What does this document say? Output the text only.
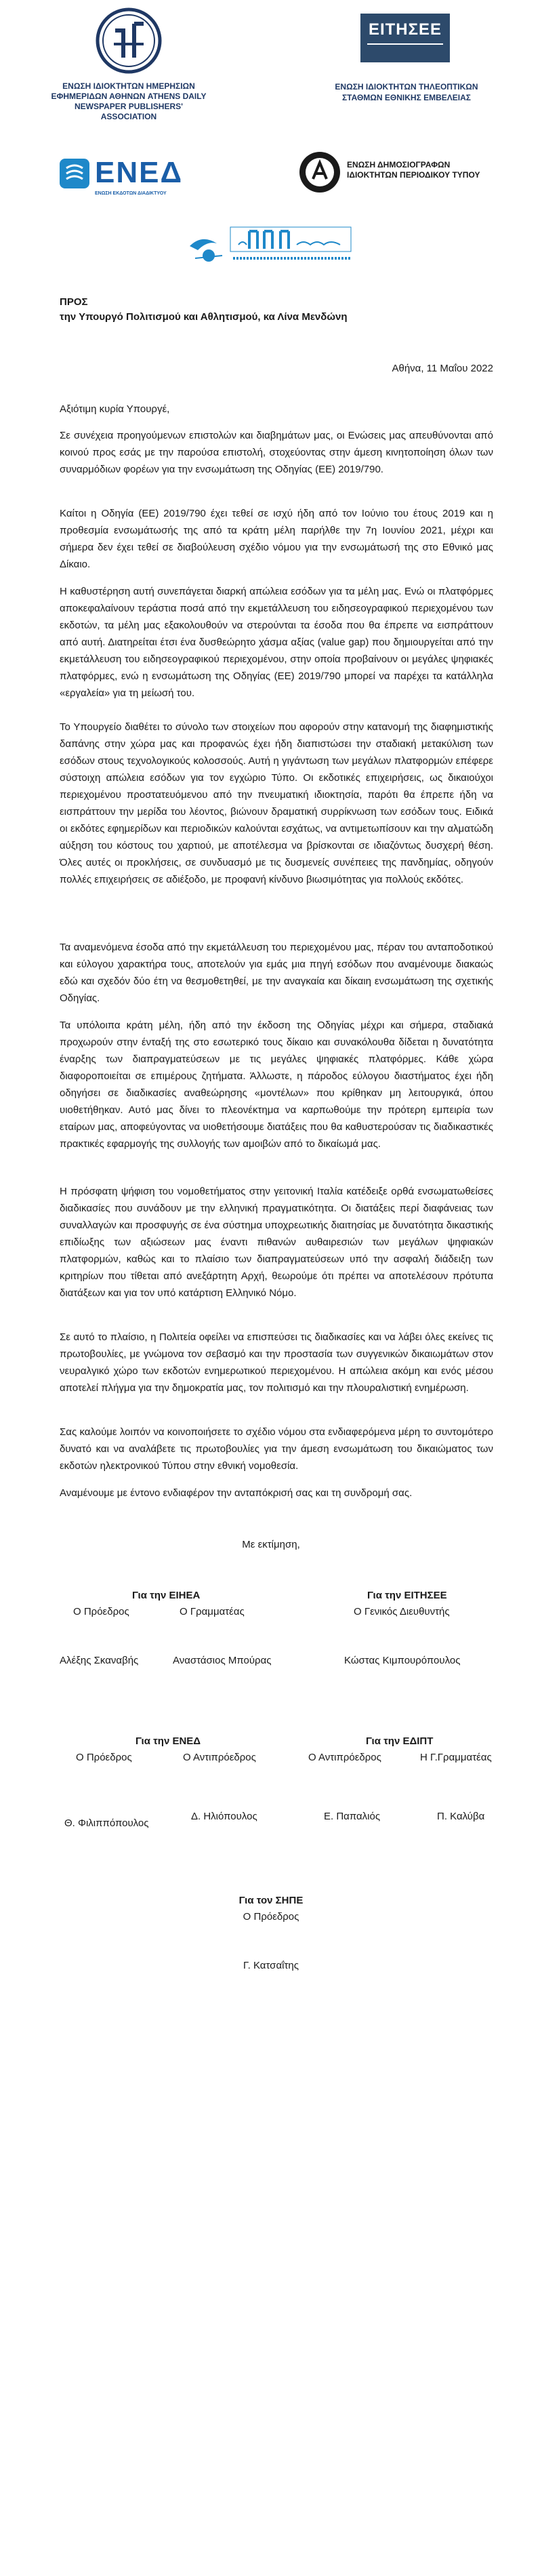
ΕΝΩΣΗ ΙΔΙΟΚΤΗΤΩΝ ΗΜΕΡΗΣΙΩΝ ΕΦΗΜΕΡΙΔΩΝ ΑΘΗΝΩΝ ATHENS DAILY NEWSPAPER PUBLISHERS' ASSOCIATION
ΕΙΤΗΣΕΕ
ΕΝΩΣΗ ΙΔΙΟΚΤΗΤΩΝ ΤΗΛΕΟΠΤΙΚΩΝ ΣΤΑΘΜΩΝ ΕΘΝΙΚΗΣ ΕΜΒΕΛΕΙΑΣ
ΕΝΕΔ
ΕΝΩΣΗ ΕΚΔΟΤΩΝ ΔΙΑΔΙΚΤΥΟΥ
ΕΝΩΣΗ ΔΗΜΟΣΙΟΓΡΑΦΩΝ ΙΔΙΟΚΤΗΤΩΝ ΠΕΡΙΟΔΙΚΟΥ ΤΥΠΟΥ
ΠΡΟΣ
την Υπουργό Πολιτισμού και Αθλητισμού, κα Λίνα Μενδώνη
Αθήνα, 11 Μαΐου 2022
Αξιότιμη κυρία Υπουργέ,

Σε συνέχεια προηγούμενων επιστολών και διαβημάτων μας, οι Ενώσεις μας απευθύνονται από κοινού προς εσάς με την παρούσα επιστολή, στοχεύοντας στην άμεση κινητοποίηση όλων των συναρμόδιων φορέων για την ενσωμάτωση της Οδηγίας (ΕΕ) 2019/790.

Καίτοι η Οδηγία (ΕΕ) 2019/790 έχει τεθεί σε ισχύ ήδη από τον Ιούνιο του έτους 2019 και η προθεσμία ενσωμάτωσής της από τα κράτη μέλη παρήλθε την 7η Ιουνίου 2021, μέχρι και σήμερα δεν έχει τεθεί σε διαβούλευση σχέδιο νόμου για την ενσωμάτωσή της στο Εθνικό μας Δίκαιο.

Η καθυστέρηση αυτή συνεπάγεται διαρκή απώλεια εσόδων για τα μέλη μας. Ενώ οι πλατφόρμες αποκεφαλαίνουν τεράστια ποσά από την εκμετάλλευση του ειδησεογραφικού περιεχομένου των εκδοτών, τα μέλη μας εξακολουθούν να στερούνται τα έσοδα που θα έπρεπε να εισπράττουν από αυτή. Διατηρείται έτσι ένα δυσθεώρητο χάσμα αξίας (value gap) που δημιουργείται από την εκμετάλλευση του ειδησεογραφικού περιεχομένου, στην οποία προβαίνουν οι μεγάλες ψηφιακές πλατφόρμες, ενώ η ενσωμάτωση της Οδηγίας (ΕΕ) 2019/790 μπορεί να παρέχει τα κατάλληλα «εργαλεία» για τη μείωσή του.

Το Υπουργείο διαθέτει το σύνολο των στοιχείων που αφορούν στην κατανομή της διαφημιστικής δαπάνης στην χώρα μας και προφανώς έχει ήδη διαπιστώσει την σταδιακή μετακύλιση των εσόδων στους τεχνολογικούς κολοσσούς. Αυτή η γιγάντωση των μεγάλων πλατφορμών επέφερε σύστοιχη απώλεια εσόδων για τον εγχώριο Τύπο. Οι εκδοτικές επιχειρήσεις, ως δικαιούχοι περιεχομένου προστατευόμενου από την πνευματική ιδιοκτησία, παρότι θα έπρεπε ήδη να εισπράττουν την μερίδα του λέοντος, βιώνουν δραματική συρρίκνωση των εσόδων τους. Ειδικά οι εκδότες εφημερίδων και περιοδικών καλούνται εσχάτως, να αντιμετωπίσουν και την αλματώδη αύξηση του κόστους του χαρτιού, με αποτέλεσμα να βρίσκονται σε ιδιαζόντως δυσχερή θέση. Όλες αυτές οι προκλήσεις, σε συνδυασμό με τις δυσμενείς συνέπειες της πανδημίας, οδηγούν πολλές επιχειρήσεις σε αδιέξοδο, με προφανή κίνδυνο βιωσιμότητας για πολλούς εκδότες.

Τα αναμενόμενα έσοδα από την εκμετάλλευση του περιεχομένου μας, πέραν του ανταποδοτικού και εύλογου χαρακτήρα τους, αποτελούν για εμάς μια πηγή εσόδων που αναμένουμε διακαώς εδώ και σχεδόν δύο έτη να θεσμοθετηθεί, με την αναγκαία και δίκαιη ενσωμάτωση της σχετικής Οδηγίας.

Τα υπόλοιπα κράτη μέλη, ήδη από την έκδοση της Οδηγίας μέχρι και σήμερα, σταδιακά προχωρούν στην ένταξή της στο εσωτερικό τους δίκαιο και συνακόλουθα δίδεται η δυνατότητα έναρξης των διαπραγματεύσεων με τις μεγάλες ψηφιακές πλατφόρμες. Κάθε χώρα διαφοροποιείται σε επιμέρους ζητήματα. Άλλωστε, η πάροδος εύλογου διαστήματος έχει ήδη οδηγήσει σε διαδικασίες αναθεώρησης «μοντέλων» που κρίθηκαν μη λειτουργικά, όπου υιοθετήθηκαν. Αυτό μας δίνει το πλεονέκτημα να καρπωθούμε την πρότερη εμπειρία των εταίρων μας, αποφεύγοντας να υιοθετήσουμε διατάξεις που θα καθυστερούσαν τις διαδικαστικές πρακτικές εφαρμογής της συλλογής των αμοιβών από το δικαίωμά μας.

Η πρόσφατη ψήφιση του νομοθετήματος στην γειτονική Ιταλία κατέδειξε ορθά ενσωματωθείσες διαδικασίες που συνάδουν με την ελληνική πραγματικότητα. Οι διατάξεις περί διαφάνειας των συναλλαγών και προσφυγής σε ένα σύστημα υποχρεωτικής διαιτησίας με δυνατότητα δικαστικής επιδίωξης των αξιώσεων μας έναντι πιθανών αυθαιρεσιών των μεγάλων ψηφιακών πλατφορμών, καθώς και το πλαίσιο των διαπραγματεύσεων υπό την ασφαλή διάδειξη των κριτηρίων που τίθεται από ανεξάρτητη Αρχή, θεωρούμε ότι πρέπει να αποτελέσουν πρότυπα διατάξεων και για τον υπό κατάρτιση Ελληνικό Νόμο.

Σε αυτό το πλαίσιο, η Πολιτεία οφείλει να επισπεύσει τις διαδικασίες και να λάβει όλες εκείνες τις πρωτοβουλίες, με γνώμονα τον σεβασμό και την προστασία των συγγενικών δικαιωμάτων στον νευραλγικό χώρο των εκδοτών ενημερωτικού περιεχομένου. Η απώλεια ακόμη και ενός μέσου αποτελεί πλήγμα για την δημοκρατία μας, τον πολιτισμό και την πλουραλιστική ενημέρωση.

Σας καλούμε λοιπόν να κοινοποιήσετε το σχέδιο νόμου στα ενδιαφερόμενα μέρη το συντομότερο δυνατό και να αναλάβετε τις πρωτοβουλίες για την άμεση ενσωμάτωση του δικαιώματος των εκδοτών ηλεκτρονικού Τύπου στην εθνική νομοθεσία.

Αναμένουμε με έντονο ενδιαφέρον την ανταπόκρισή σας και τη συνδρομή σας.

Με εκτίμηση,
Για την ΕΙΗΕΑ
Ο Πρόεδρος	Ο Γραμματέας
Αλέξης Σκαναβής	Αναστάσιος Μπούρας
Για την ΕΙΤΗΣΕΕ
Ο Γενικός Διευθυντής
Κώστας Κιμπουρόπουλος
Για την ΕΝΕΔ
Ο Πρόεδρος	Ο Αντιπρόεδρος
Θ. Φιλιππόπουλος
Δ. Ηλιόπουλος
Για την ΕΔΙΠΤ
Ο Αντιπρόεδρος	Η Γ.Γραμματέας
Ε. Παπαλιός	Π. Καλύβα
Για τον ΣΗΠΕ
Ο Πρόεδρος
Γ. Κατσαΐτης
